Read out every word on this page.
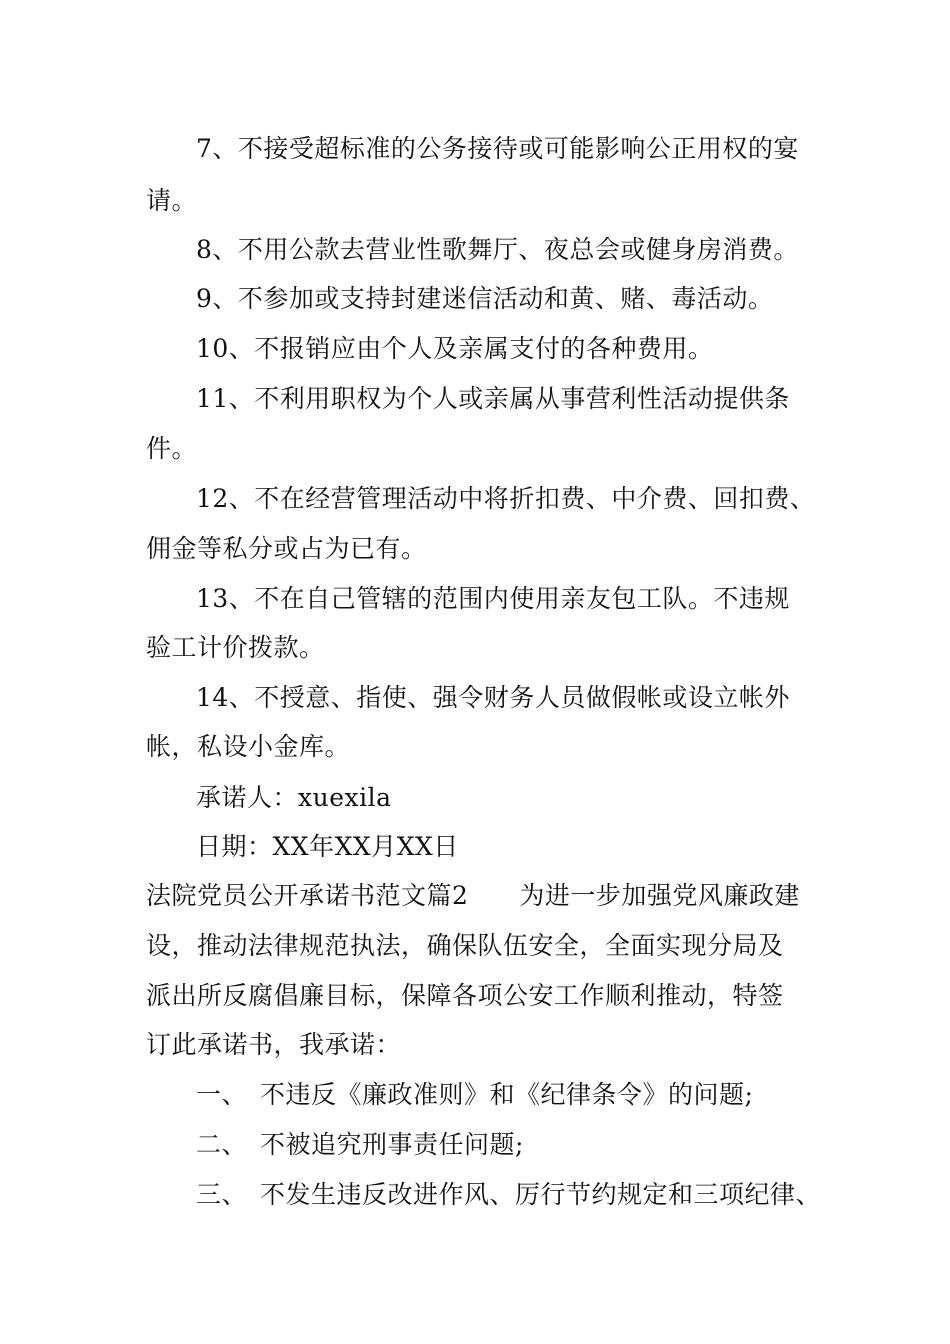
7、不接受超标准的公务接待或可能影响公正用权的宴
请。
8、不用公款去营业性歌舞厅、夜总会或健身房消费。
9、不参加或支持封建迷信活动和黄、赌、毒活动。
10、不报销应由个人及亲属支付的各种费用。
11、不利用职权为个人或亲属从事营利性活动提供条
件。
12、不在经营管理活动中将折扣费、中介费、回扣费、
佣金等私分或占为已有。
13、不在自己管辖的范围内使用亲友包工队。不违规
验工计价拨款。
14、不授意、指使、强令财务人员做假帐或设立帐外
帐，私设小金库。
承诺人：xuexila
日期：XX年XX月XX日
法院党员公开承诺书范文篇2　　为进一步加强党风廉政建
设，推动法律规范执法，确保队伍安全，全面实现分局及
派出所反腐倡廉目标，保障各项公安工作顺利推动，特签
订此承诺书，我承诺：
一、　不违反《廉政准则》和《纪律条令》的问题;
二、　不被追究刑事责任问题;
三、　不发生违反改进作风、厉行节约规定和三项纪律、
